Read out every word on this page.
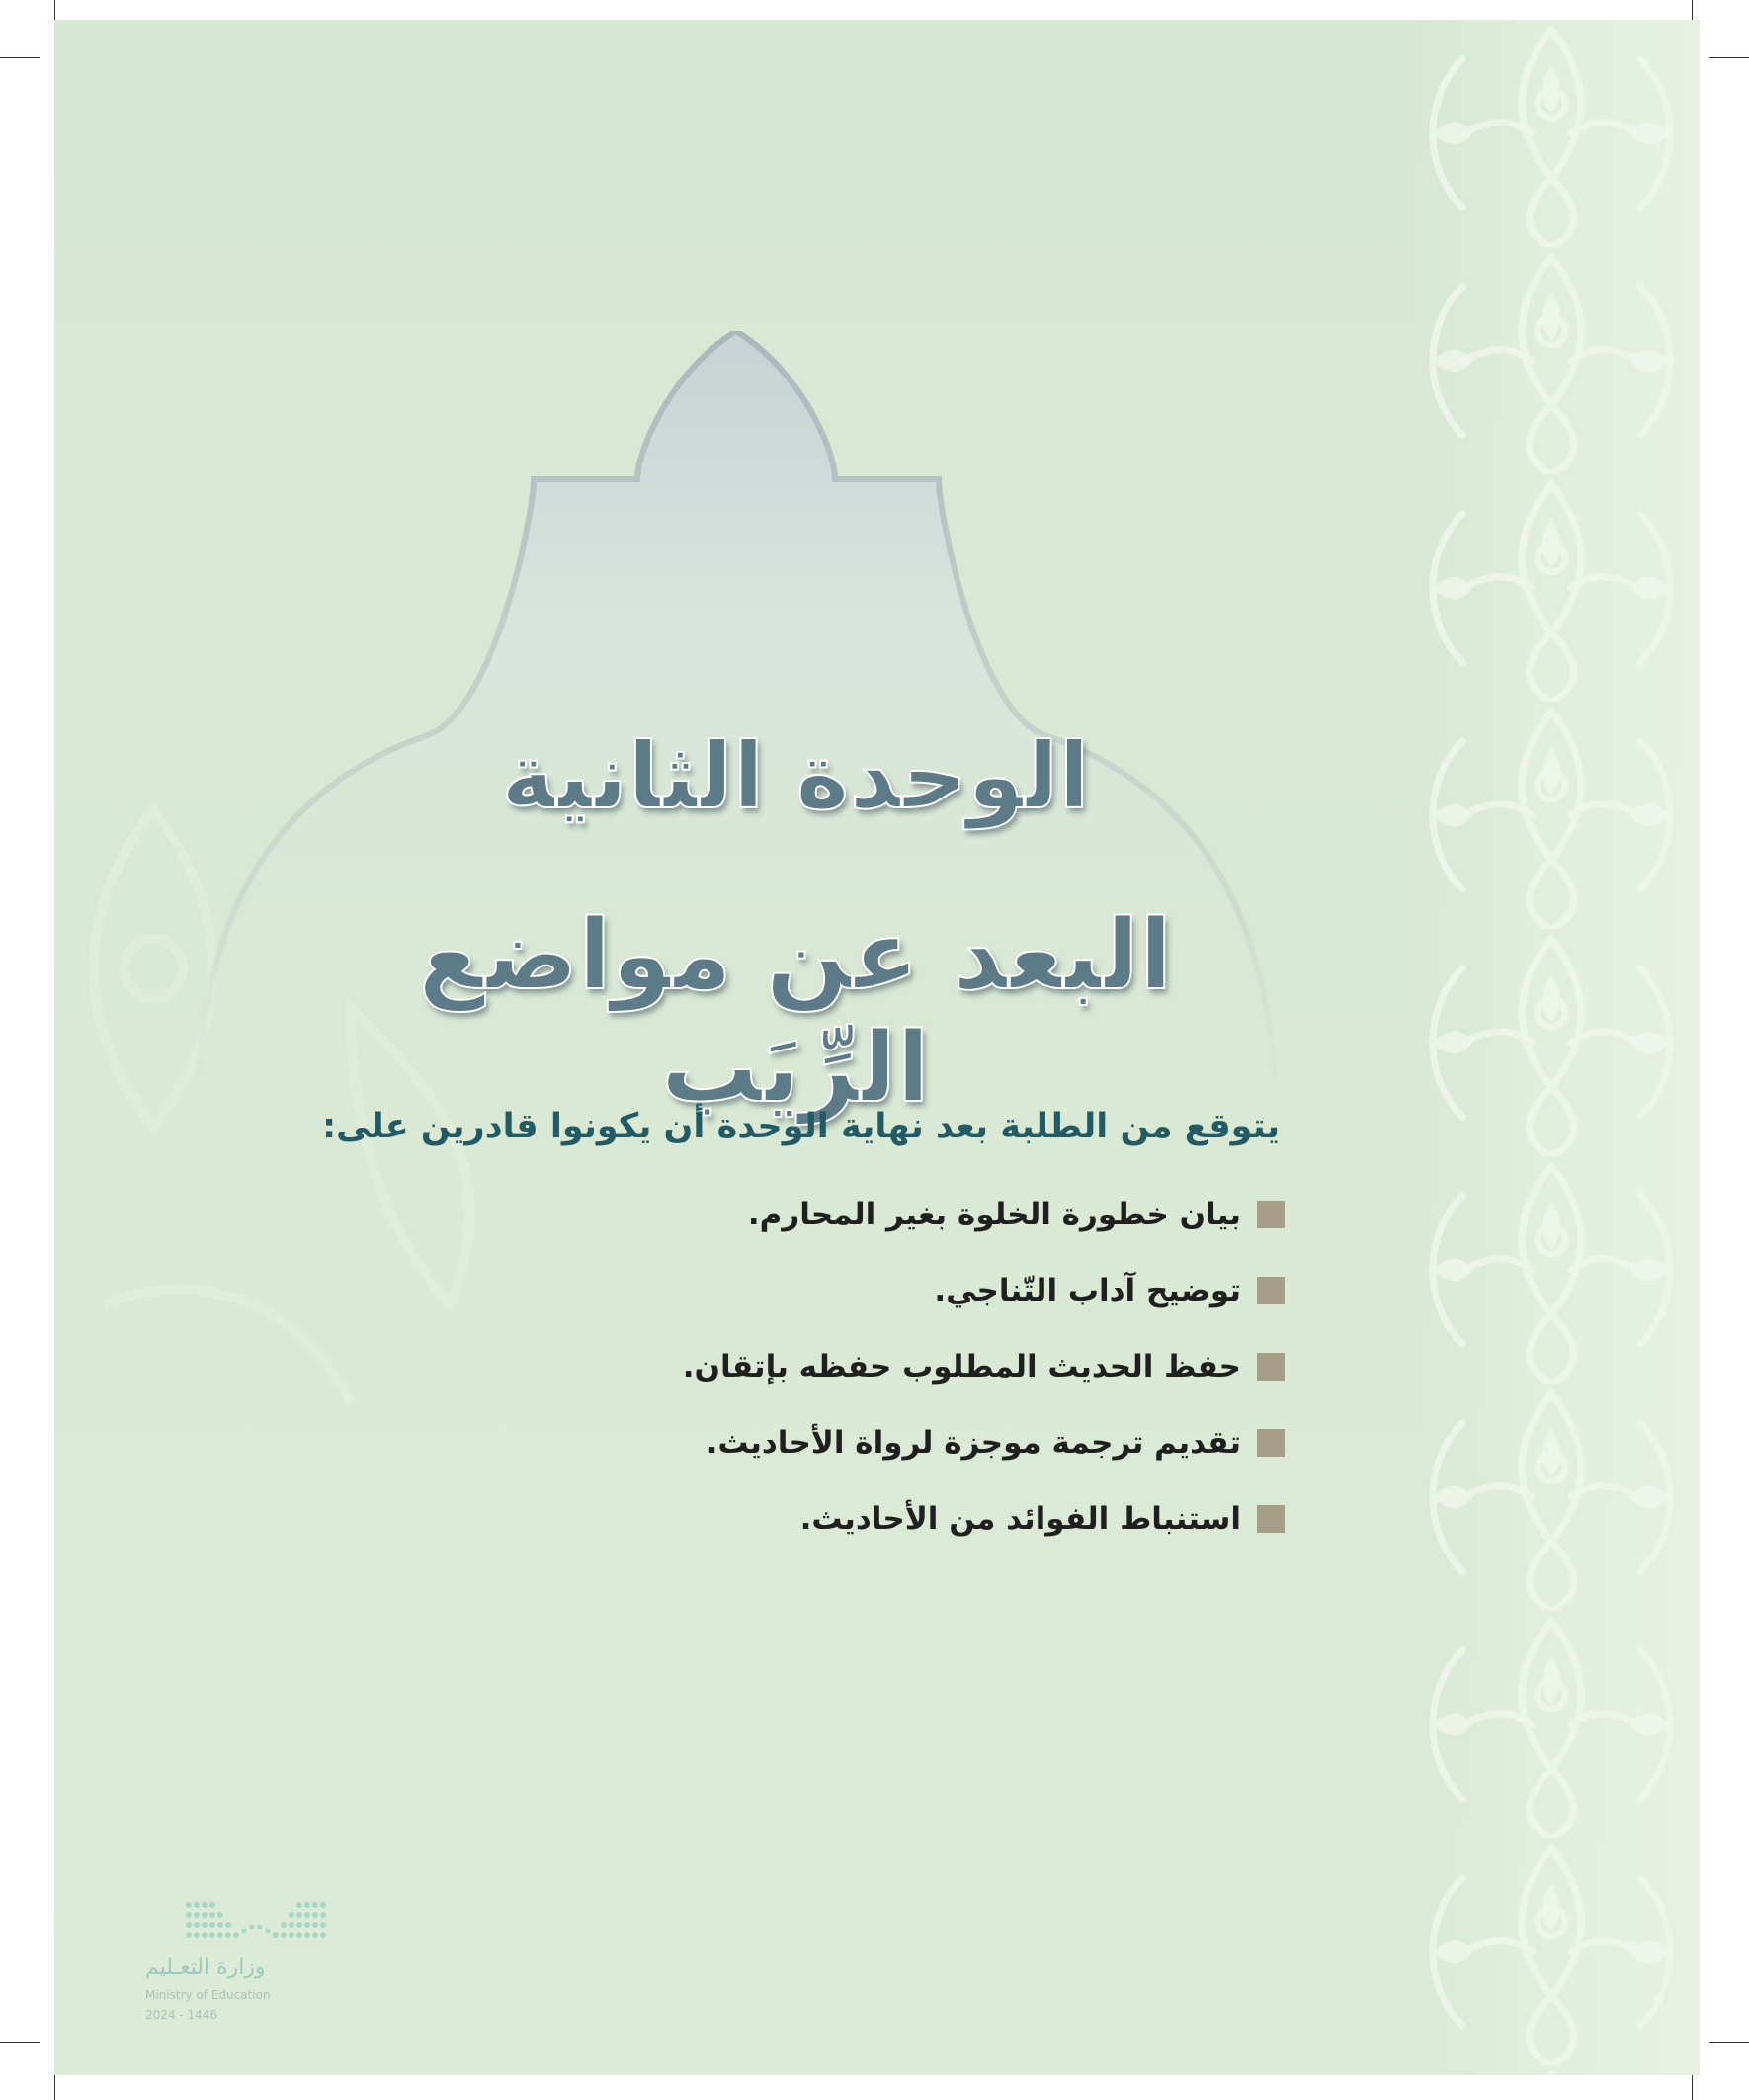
الوحدة الثانية
البعد عن مواضع الرِّيَب
يتوقع من الطلبة بعد نهاية الوحدة أن يكونوا قادرين على:
بيان خطورة الخلوة بغير المحارم.
توضيح آداب التّناجي.
حفظ الحديث المطلوب حفظه بإتقان.
تقديم ترجمة موجزة لرواة الأحاديث.
استنباط الفوائد من الأحاديث.
وزارة التعـليم
Ministry of Education
2024 - 1446
